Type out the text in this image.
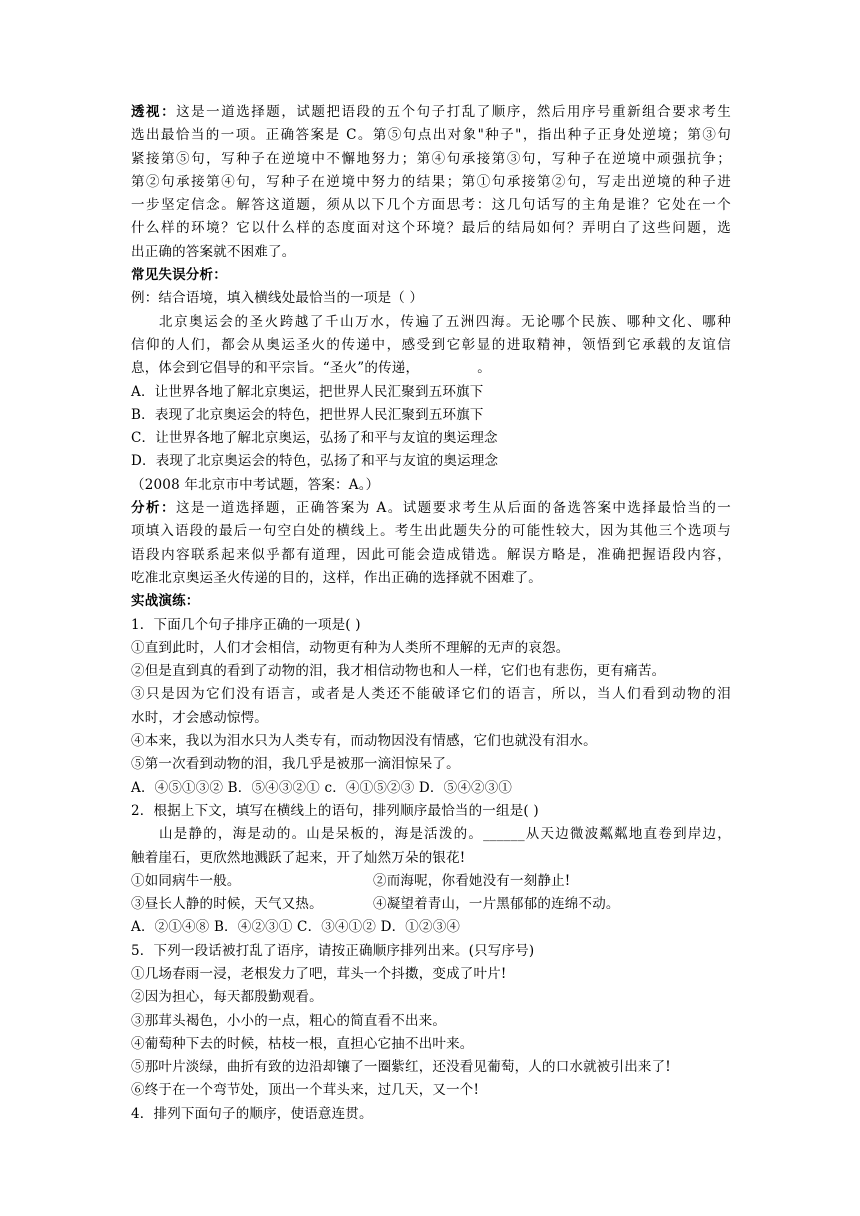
透视：这是一道选择题，试题把语段的五个句子打乱了顺序，然后用序号重新组合要求考生
选出最恰当的一项。正确答案是 C。第⑤句点出对象"种子"，指出种子正身处逆境；第③句
紧接第⑤句，写种子在逆境中不懈地努力；第④句承接第③句，写种子在逆境中顽强抗争；
第②句承接第④句，写种子在逆境中努力的结果；第①句承接第②句，写走出逆境的种子进
一步坚定信念。解答这道题，须从以下几个方面思考：这几句话写的主角是谁？它处在一个
什么样的环境？它以什么样的态度面对这个环境？最后的结局如何？弄明白了这些问题，选
出正确的答案就不困难了。
常见失误分析：
例：结合语境，填入横线处最恰当的一项是（ ）
北京奥运会的圣火跨越了千山万水，传遍了五洲四海。无论哪个民族、哪种文化、哪种
信仰的人们，都会从奥运圣火的传递中，感受到它彰显的进取精神，领悟到它承载的友谊信
息，体会到它倡导的和平宗旨。“圣火”的传递，	。
A．让世界各地了解北京奥运，把世界人民汇聚到五环旗下
B．表现了北京奥运会的特色，把世界人民汇聚到五环旗下
C．让世界各地了解北京奥运，弘扬了和平与友谊的奥运理念
D．表现了北京奥运会的特色，弘扬了和平与友谊的奥运理念
（2008 年北京市中考试题，答案：A。）
分析：这是一道选择题，正确答案为 A。试题要求考生从后面的备选答案中选择最恰当的一
项填入语段的最后一句空白处的横线上。考生出此题失分的可能性较大，因为其他三个选项与
语段内容联系起来似乎都有道理，因此可能会造成错选。解误方略是，准确把握语段内容，
吃准北京奥运圣火传递的目的，这样，作出正确的选择就不困难了。
实战演练：
1．下面几个句子排序正确的一项是( )
①直到此时，人们才会相信，动物更有种为人类所不理解的无声的哀怨。
②但是直到真的看到了动物的泪，我才相信动物也和人一样，它们也有悲伤，更有痛苦。
③只是因为它们没有语言，或者是人类还不能破译它们的语言，所以，当人们看到动物的泪
水时，才会感动惊愕。
④本来，我以为泪水只为人类专有，而动物因没有情感，它们也就没有泪水。
⑤第一次看到动物的泪，我几乎是被那一滴泪惊呆了。
A．④⑤①③② B．⑤④③②① c．④①⑤②③ D．⑤④②③①
2．根据上下文，填写在横线上的语句，排列顺序最恰当的一组是( )
山是静的，海是动的。山是呆板的，海是活泼的。______从天边微波粼粼地直卷到岸边，
触着崖石，更欣然地溅跃了起来，开了灿然万朵的银花!
①如同病牛一般。	②而海呢，你看她没有一刻静止!
③昼长人静的时候，天气又热。	④凝望着青山，一片黑郁郁的连绵不动。
A．②①④⑧ B．④②③① C．③④①② D．①②③④
5．下列一段话被打乱了语序，请按正确顺序排列出来。(只写序号)
①几场春雨一浸，老根发力了吧，茸头一个抖擞，变成了叶片!
②因为担心，每天都殷勤观看。
③那茸头褐色，小小的一点，粗心的简直看不出来。
④葡萄种下去的时候，枯枝一根，直担心它抽不出叶来。
⑤那叶片淡绿，曲折有致的边沿却镶了一圈紫红，还没看见葡萄，人的口水就被引出来了!
⑥终于在一个弯节处，顶出一个茸头来，过几天，又一个!
4．排列下面句子的顺序，使语意连贯。
